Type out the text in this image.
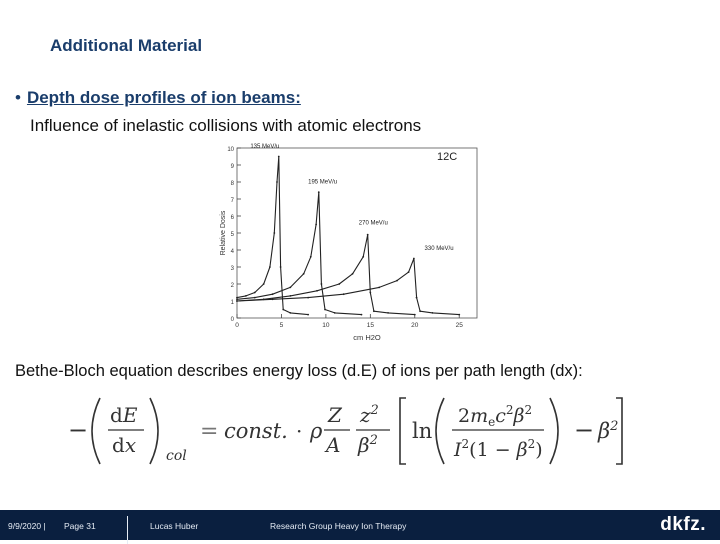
Additional Material
• Depth dose profiles of ion beams:
Influence of inelastic collisions with atomic electrons
0
1
2
3
4
5
6
7
8
9
10
0	5	10	15	20	25
Relative Dosis
cm H2O
12C
135 MeV/u
195 MeV/u
270 MeV/u
330 MeV/u
Bethe-Bloch equation describes energy loss (d.E) of ions per path length (dx):
−
dE
dx col
= const. · ρ
Z
A
$z^2$
$\beta^2$ ln
$2m_ec^2\beta^2$
$I^2(1 - \beta^2)$
− $\beta^2$
9/9/2020 | Page 31	Lucas Huber	Research Group Heavy Ion Therapy	dkfz.
